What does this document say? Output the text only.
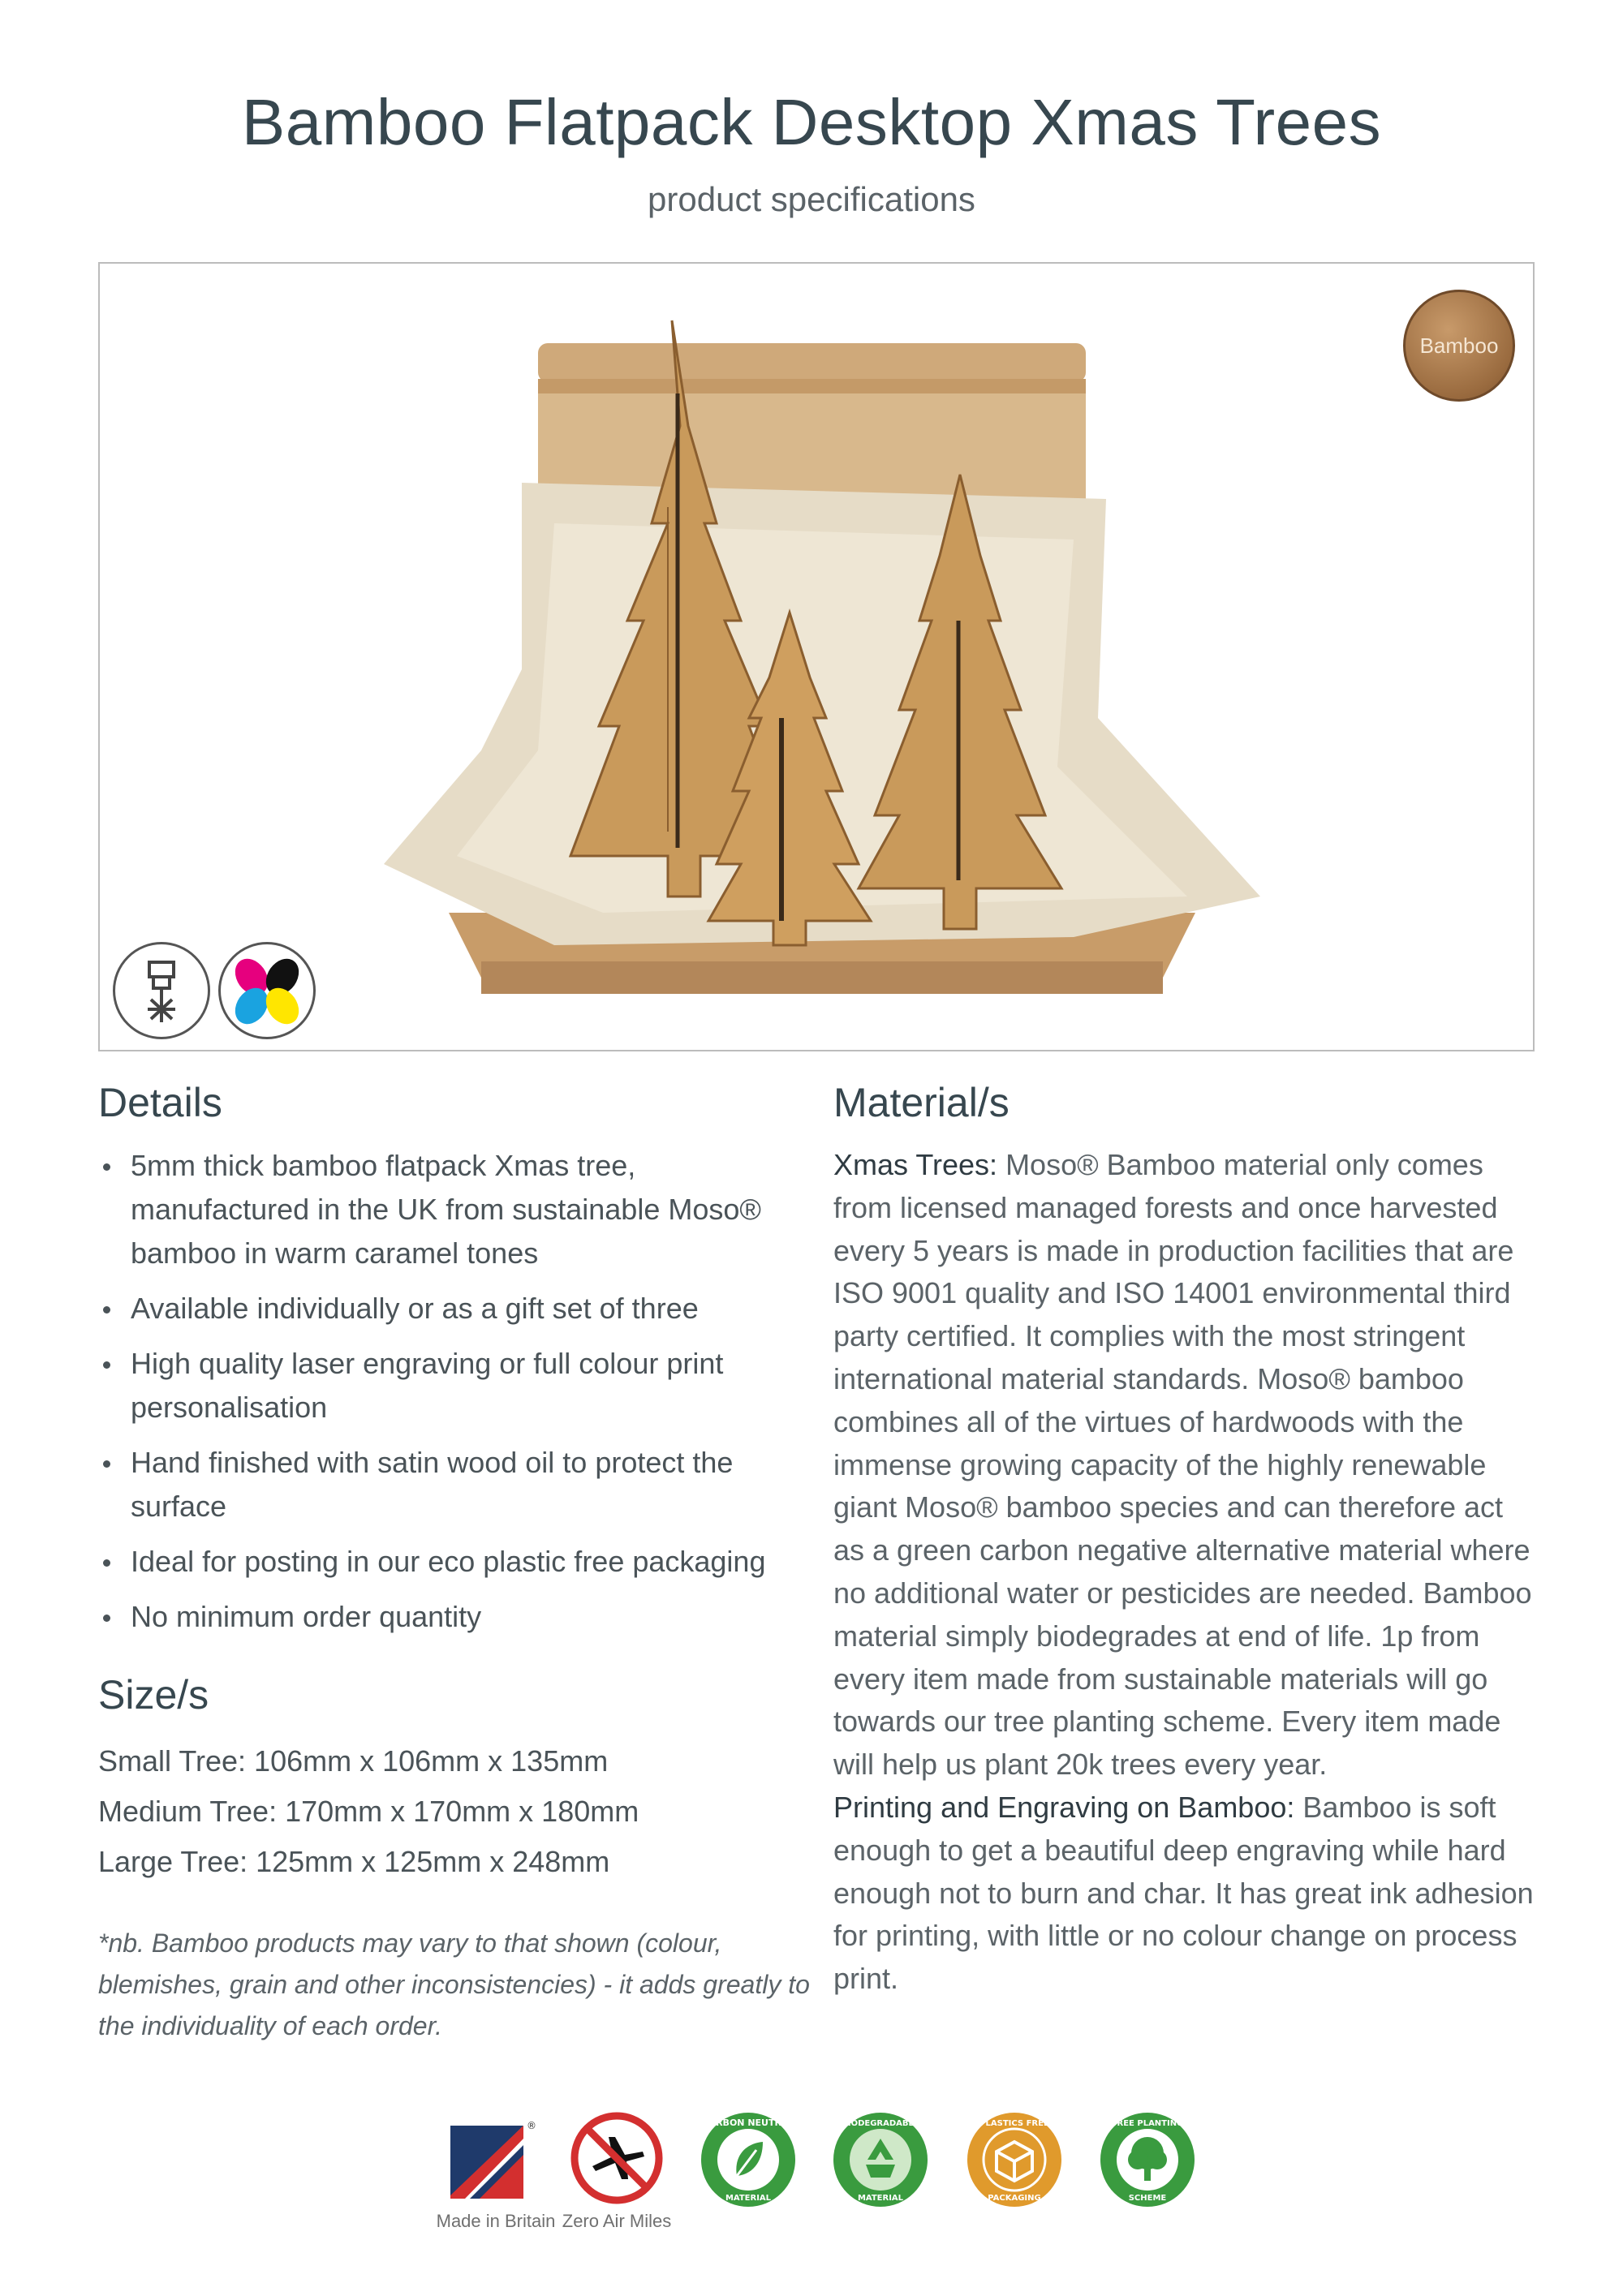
Bamboo Flatpack Desktop Xmas Trees
product specifications
Bamboo
Details
5mm thick bamboo flatpack Xmas tree, manufactured in the UK from sustainable Moso® bamboo in warm caramel tones
Available individually or as a gift set of three
High quality laser engraving or full colour print personalisation
Hand finished with satin wood oil to protect the surface
Ideal for posting in our eco plastic free packaging
No minimum order quantity
Size/s
Small Tree: 106mm x 106mm x 135mm
Medium Tree: 170mm x 170mm x 180mm
Large Tree: 125mm x 125mm x 248mm
*nb. Bamboo products may vary to that shown (colour, blemishes, grain and other inconsistencies) - it adds greatly to the individuality of each order.
Material/s

Xmas Trees: Moso® Bamboo material only comes from licensed managed forests and once harvested every 5 years is made in production facilities that are ISO 9001 quality and ISO 14001 environmental third party certified. It complies with the most stringent international material standards. Moso® bamboo combines all of the virtues of hardwoods with the immense growing capacity of the highly renewable giant Moso® bamboo species and can therefore act as a green carbon negative alternative material where no additional water or pesticides are needed. Bamboo material simply biodegrades at end of life. 1p from every item made from sustainable materials will go towards our tree planting scheme. Every item made will help us plant 20k trees every year.

Printing and Engraving on Bamboo: Bamboo is soft enough to get a beautiful deep engraving while hard enough not to burn and char. It has great ink adhesion for printing, with little or no colour change on process print.

®
Made in Britain Zero Air Miles
CARBON NEUTRAL
MATERIAL
BIODEGRADABLE
MATERIAL
PLASTICS FREE
PACKAGING
TREE PLANTING
SCHEME
